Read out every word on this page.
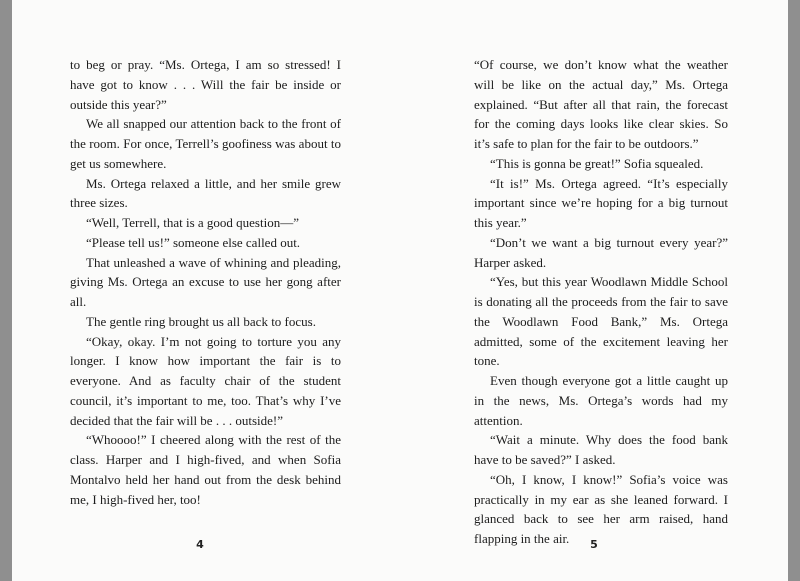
to beg or pray. “Ms. Ortega, I am so stressed! I have got to know . . . Will the fair be inside or outside this year?”

We all snapped our attention back to the front of the room. For once, Terrell’s goofiness was about to get us somewhere.

Ms. Ortega relaxed a little, and her smile grew three sizes.

“Well, Terrell, that is a good question—”

“Please tell us!” someone else called out.

That unleashed a wave of whining and pleading, giving Ms. Ortega an excuse to use her gong after all.

The gentle ring brought us all back to focus.

“Okay, okay. I’m not going to torture you any longer. I know how important the fair is to everyone. And as faculty chair of the student council, it’s important to me, too. That’s why I’ve decided that the fair will be . . . outside!”

“Whoooo!” I cheered along with the rest of the class. Harper and I high-fived, and when Sofia Montalvo held her hand out from the desk behind me, I high-fived her, too!

4

“Of course, we don’t know what the weather will be like on the actual day,” Ms. Ortega explained. “But after all that rain, the forecast for the coming days looks like clear skies. So it’s safe to plan for the fair to be outdoors.”

“This is gonna be great!” Sofia squealed.

“It is!” Ms. Ortega agreed. “It’s especially important since we’re hoping for a big turnout this year.”

“Don’t we want a big turnout every year?” Harper asked.

“Yes, but this year Woodlawn Middle School is donating all the proceeds from the fair to save the Woodlawn Food Bank,” Ms. Ortega admitted, some of the excitement leaving her tone.

Even though everyone got a little caught up in the news, Ms. Ortega’s words had my attention.

“Wait a minute. Why does the food bank have to be saved?” I asked.

“Oh, I know, I know!” Sofia’s voice was practically in my ear as she leaned forward. I glanced back to see her arm raised, hand flapping in the air.	5
